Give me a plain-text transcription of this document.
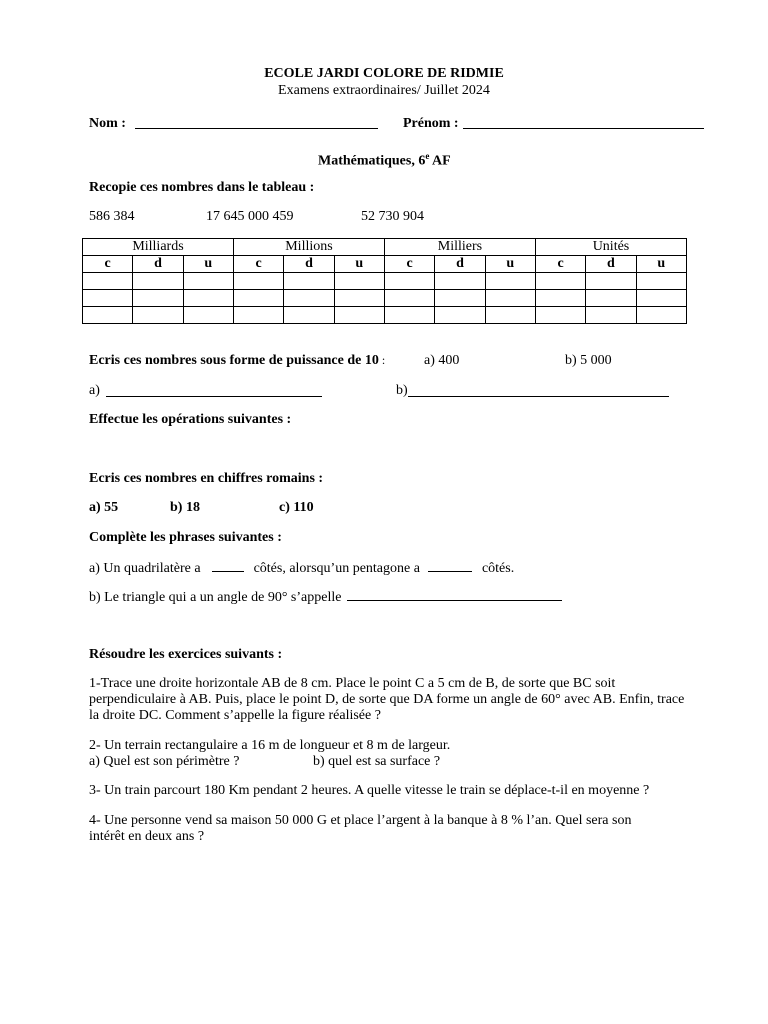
ECOLE JARDI COLORE DE RIDMIE
Examens extraordinaires/ Juillet 2024
Nom :	Prénom :
Mathématiques, 6e AF
Recopie ces nombres dans le tableau :
586 384	17 645 000 459	52 730 904
Milliards			Millions			Milliers			Unités		
c	d	u	c	d	u	c	d	u	c	d	u

Ecris ces nombres sous forme de puissance de 10 :	a) 400	b) 5 000
a)	b)
Effectue les opérations suivantes :
Ecris ces nombres en chiffres romains :
a) 55	b) 18	c) 110
Complète les phrases suivantes :
a) Un quadrilatère a	côtés, alorsqu’un pentagone a	côtés.
b) Le triangle qui a un angle de 90° s’appelle
Résoudre les exercices suivants :
1-Trace une droite horizontale AB de 8 cm. Place le point C a 5 cm de B, de sorte que BC soit perpendiculaire à AB. Puis, place le point D, de sorte que DA forme un angle de 60° avec AB. Enfin, trace la droite DC. Comment s’appelle la figure réalisée ?
2- Un terrain rectangulaire a 16 m de longueur et 8 m de largeur.
a) Quel est son périmètre ?	b) quel est sa surface ?
3- Un train parcourt 180 Km pendant 2 heures. A quelle vitesse le train se déplace-t-il en moyenne ?
4- Une personne vend sa maison 50 000 G et place l’argent à la banque à 8 % l’an. Quel sera son intérêt en deux ans ?
